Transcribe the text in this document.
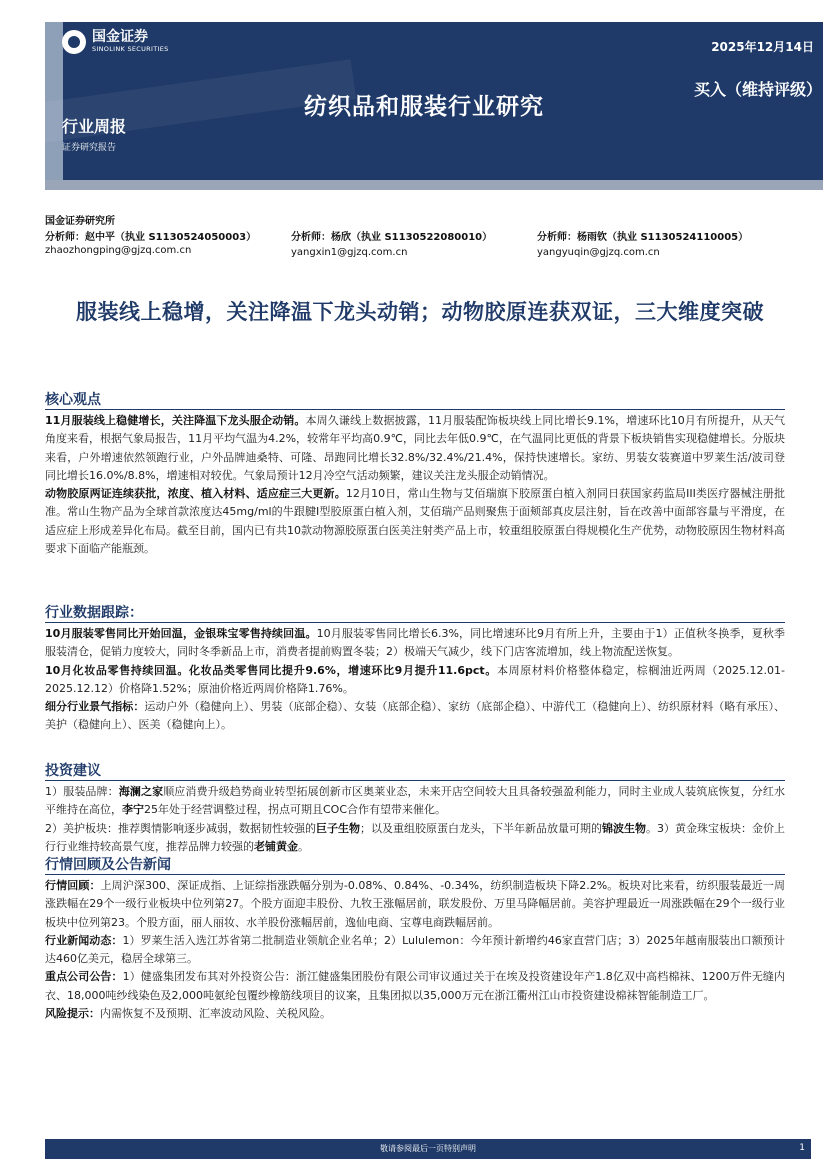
国金证券
SINOLINK SECURITIES	2025年12月14日
纺织品和服装行业研究
买入（维持评级）
行业周报
证券研究报告
国金证券研究所
分析师：赵中平（执业 S1130524050003）
zhaozhongping@gjzq.com.cn
分析师：杨欣（执业 S1130522080010）
yangxin1@gjzq.com.cn
分析师：杨雨钦（执业 S1130524110005）
yangyuqin@gjzq.com.cn
服装线上稳增，关注降温下龙头动销；动物胶原连获双证，三大维度突破
核心观点

11月服装线上稳健增长，关注降温下龙头服企动销。本周久谦线上数据披露，11月服装配饰板块线上同比增长9.1%，增速环比10月有所提升，从天气角度来看，根据气象局报告，11月平均气温为4.2%，较常年平均高0.9℃，同比去年低0.9℃，在气温同比更低的背景下板块销售实现稳健增长。分版块来看，户外增速依然领跑行业，户外品牌迪桑特、可隆、昂跑同比增长32.8%/32.4%/21.4%，保持快速增长。家纺、男装女装赛道中罗莱生活/波司登同比增长16.0%/8.8%，增速相对较优。气象局预计12月冷空气活动频繁，建议关注龙头服企动销情况。

动物胶原两证连续获批，浓度、植入材料、适应症三大更新。12月10日，常山生物与艾佰瑞旗下胶原蛋白植入剂同日获国家药监局III类医疗器械注册批准。常山生物产品为全球首款浓度达45mg/ml的牛跟腱I型胶原蛋白植入剂，艾佰瑞产品则聚焦于面颊部真皮层注射，旨在改善中面部容量与平滑度，在适应症上形成差异化布局。截至目前，国内已有共10款动物源胶原蛋白医美注射类产品上市，较重组胶原蛋白得规模化生产优势，动物胶原因生物材料高要求下面临产能瓶颈。

行业数据跟踪：

10月服装零售同比开始回温，金银珠宝零售持续回温。10月服装零售同比增长6.3%，同比增速环比9月有所上升，主要由于1）正值秋冬换季，夏秋季服装清仓，促销力度较大，同时冬季新品上市，消费者提前购置冬装；2）极端天气减少，线下门店客流增加，线上物流配送恢复。

10月化妆品零售持续回温。化妆品类零售同比提升9.6%，增速环比9月提升11.6pct。本周原材料价格整体稳定，棕榈油近两周（2025.12.01-2025.12.12）价格降1.52%；原油价格近两周价格降1.76%。

细分行业景气指标：运动户外（稳健向上）、男装（底部企稳）、女装（底部企稳）、家纺（底部企稳）、中游代工（稳健向上）、纺织原材料（略有承压）、美护（稳健向上）、医美（稳健向上）。

投资建议

1）服装品牌：海澜之家顺应消费升级趋势商业转型拓展创新市区奥莱业态，未来开店空间较大且具备较强盈利能力，同时主业成人装筑底恢复，分红水平维持在高位，李宁25年处于经营调整过程，拐点可期且COC合作有望带来催化。

2）美护板块：推荐舆情影响逐步减弱，数据韧性较强的巨子生物；以及重组胶原蛋白龙头，下半年新品放量可期的锦波生物。3）黄金珠宝板块：金价上行行业维持较高景气度，推荐品牌力较强的老铺黄金。

行情回顾及公告新闻

行情回顾：上周沪深300、深证成指、上证综指涨跌幅分别为-0.08%、0.84%、-0.34%，纺织制造板块下降2.2%。板块对比来看，纺织服装最近一周涨跌幅在29个一级行业板块中位列第27。个股方面迎丰股份、九牧王涨幅居前，联发股份、万里马降幅居前。美容护理最近一周涨跌幅在29个一级行业板块中位列第23。个股方面，丽人丽妆、水羊股份涨幅居前，逸仙电商、宝尊电商跌幅居前。

行业新闻动态：1）罗莱生活入选江苏省第二批制造业领航企业名单；2）Lululemon：今年预计新增约46家直营门店；3）2025年越南服装出口额预计达460亿美元，稳居全球第三。

重点公司公告：1）健盛集团发布其对外投资公告：浙江健盛集团股份有限公司审议通过关于在埃及投资建设年产1.8亿双中高档棉袜、1200万件无缝内衣、18,000吨纱线染色及2,000吨氨纶包覆纱橡筋线项目的议案，且集团拟以35,000万元在浙江衢州江山市投资建设棉袜智能制造工厂。

风险提示：内需恢复不及预期、汇率波动风险、关税风险。

敬请参阅最后一页特别声明	1
